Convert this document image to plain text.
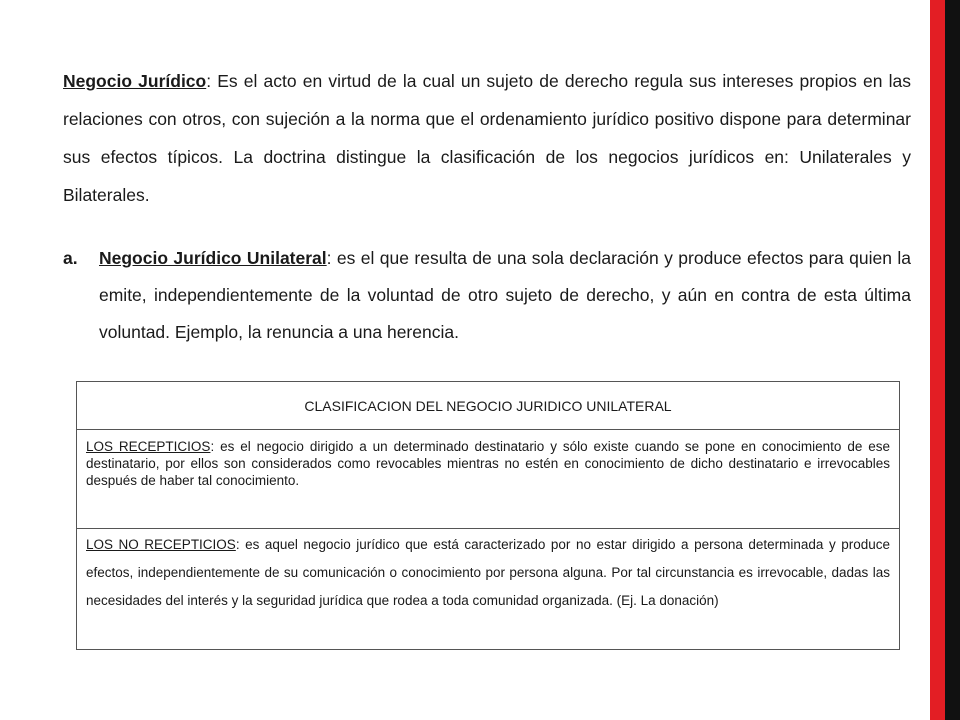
Negocio Jurídico: Es el acto en virtud de la cual un sujeto de derecho regula sus intereses propios en las relaciones con otros, con sujeción a la norma que el ordenamiento jurídico positivo dispone para determinar sus efectos típicos. La doctrina distingue la clasificación de los negocios jurídicos en: Unilaterales y Bilaterales.

a. Negocio Jurídico Unilateral: es el que resulta de una sola declaración y produce efectos para quien la emite, independientemente de la voluntad de otro sujeto de derecho, y aún en contra de esta última voluntad. Ejemplo, la renuncia a una herencia.
CLASIFICACION DEL NEGOCIO JURIDICO UNILATERAL
LOS RECEPTICIOS: es el negocio dirigido a un determinado destinatario y sólo existe cuando se pone en conocimiento de ese destinatario, por ellos son considerados como revocables mientras no estén en conocimiento de dicho destinatario e irrevocables después de haber tal conocimiento.
LOS NO RECEPTICIOS: es aquel negocio jurídico que está caracterizado por no estar dirigido a persona determinada y produce efectos, independientemente de su comunicación o conocimiento por persona alguna. Por tal circunstancia es irrevocable, dadas las necesidades del interés y la seguridad jurídica que rodea a toda comunidad organizada. (Ej. La donación)
